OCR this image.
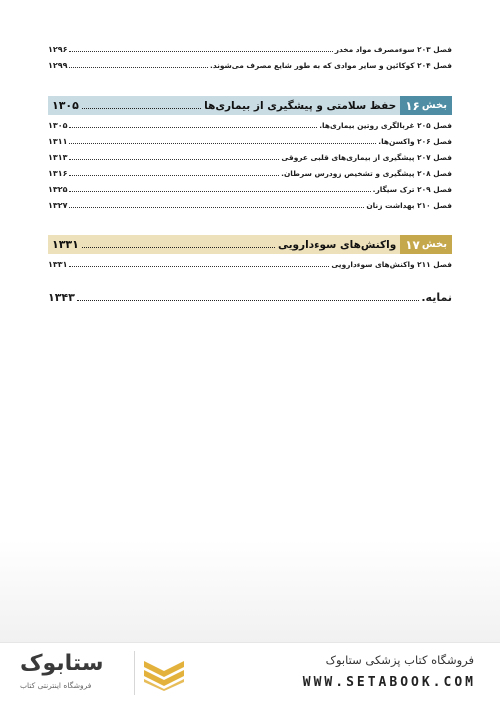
فصل ۲۰۳ سوءمصرف مواد مخدر
۱۲۹۶
فصل ۲۰۴ کوکائین و سایر موادی که به طور شایع مصرف می‌شوند.
۱۲۹۹
بخش
۱۶
حفظ سلامتی و پیشگیری از بیماری‌ها
۱۳۰۵
فصل ۲۰۵ غربالگری روتین بیماری‌ها.
۱۳۰۵
فصل ۲۰۶ واکسن‌ها.
۱۳۱۱
فصل ۲۰۷ پیشگیری از بیماری‌های قلبی عروقی
۱۳۱۳
فصل ۲۰۸ پیشگیری و تشخیص زودرس سرطان.
۱۳۱۶
فصل ۲۰۹ ترک سیگار.
۱۳۲۵
فصل ۲۱۰ بهداشت زنان
۱۳۲۷
بخش
۱۷
واکنش‌های سوءدارویی
۱۳۳۱
فصل ۲۱۱ واکنش‌های سوءدارویی
۱۳۳۱
نمایه.
۱۳۴۳
فروشگاه کتاب پزشکی ستابوک
WWW.SETABOOK.COM
ستابوک
فروشگاه اینترنتی کتاب
